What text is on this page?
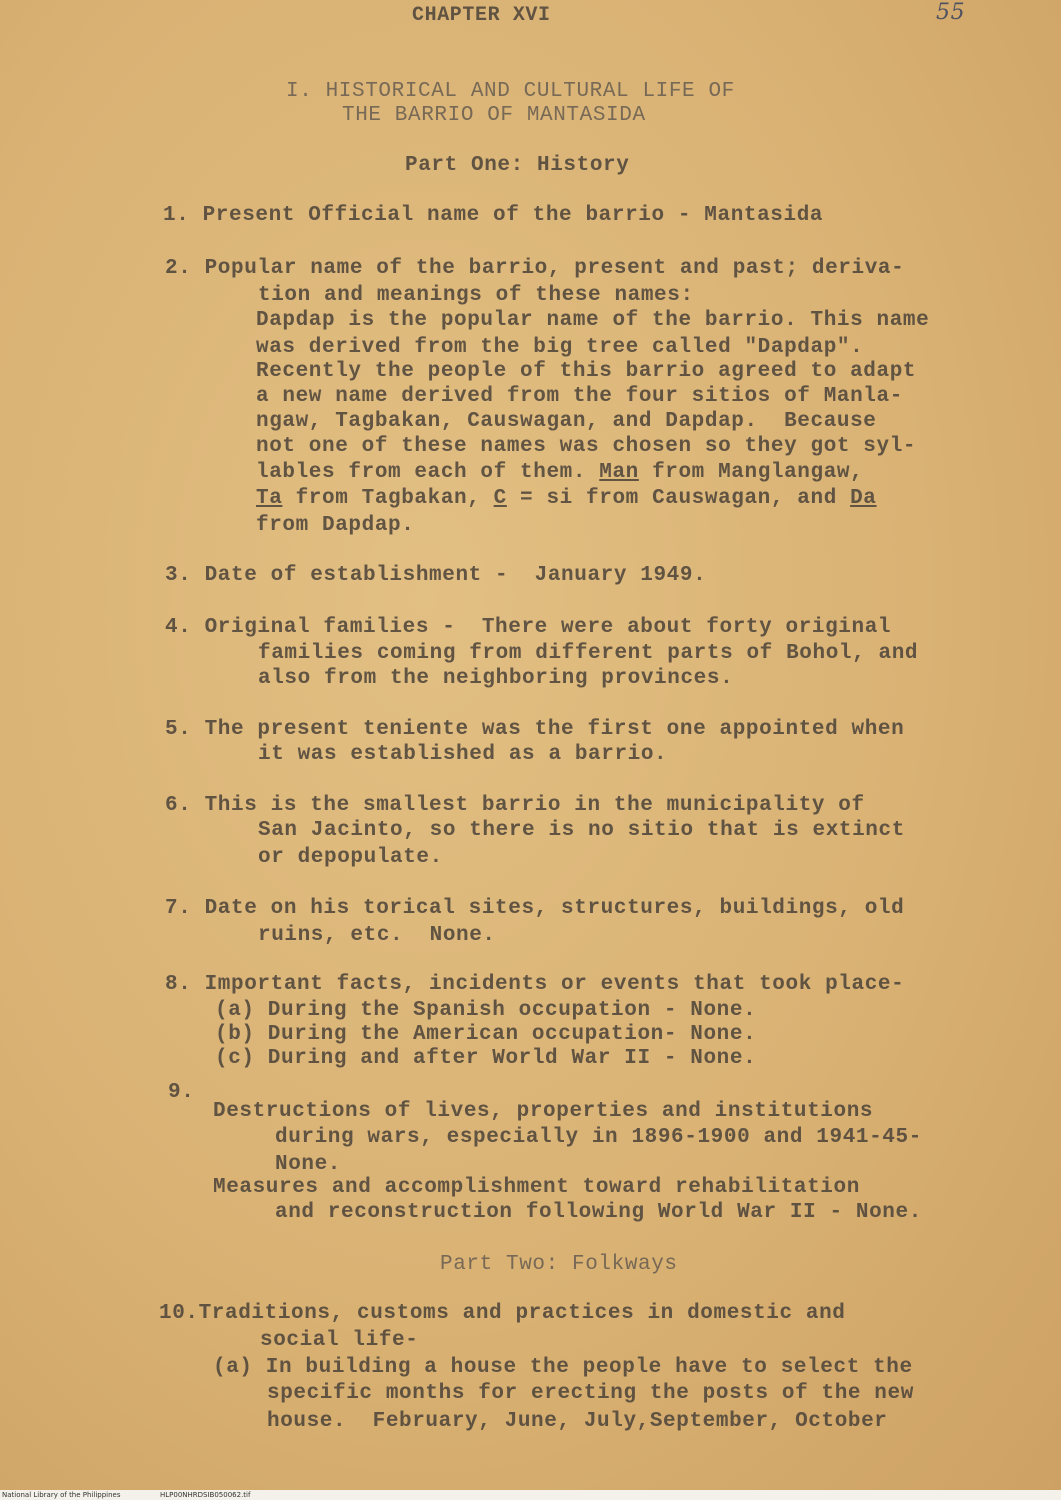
CHAPTER XVI	55
I. HISTORICAL AND CULTURAL LIFE OF
THE BARRIO OF MANTASIDA
Part One: History
1. Present Official name of the barrio - Mantasida
2. Popular name of the barrio, present and past; deriva-
tion and meanings of these names:
Dapdap is the popular name of the barrio. This name
was derived from the big tree called "Dapdap".
Recently the people of this barrio agreed to adapt
a new name derived from the four sitios of Manla-
ngaw, Tagbakan, Causwagan, and Dapdap.  Because
not one of these names was chosen so they got syl-
lables from each of them. Man from Manglangaw,
Ta from Tagbakan, C = si from Causwagan, and Da
from Dapdap.
3. Date of establishment -  January 1949.
4. Original families -  There were about forty original
families coming from different parts of Bohol, and
also from the neighboring provinces.
5. The present teniente was the first one appointed when
it was established as a barrio.
6. This is the smallest barrio in the municipality of
San Jacinto, so there is no sitio that is extinct
or depopulate.
7. Date on his torical sites, structures, buildings, old
ruins, etc.  None.
8. Important facts, incidents or events that took place-
(a) During the Spanish occupation - None.
(b) During the American occupation- None.
(c) During and after World War II - None.
9.
Destructions of lives, properties and institutions
during wars, especially in 1896-1900 and 1941-45-
None.
Measures and accomplishment toward rehabilitation
and reconstruction following World War II - None.
Part Two: Folkways
10.Traditions, customs and practices in domestic and
social life-
(a) In building a house the people have to select the
specific months for erecting the posts of the new
house.  February, June, July,September, October
National Library of the Philippines	HLP00NHRDSIB050062.tif
